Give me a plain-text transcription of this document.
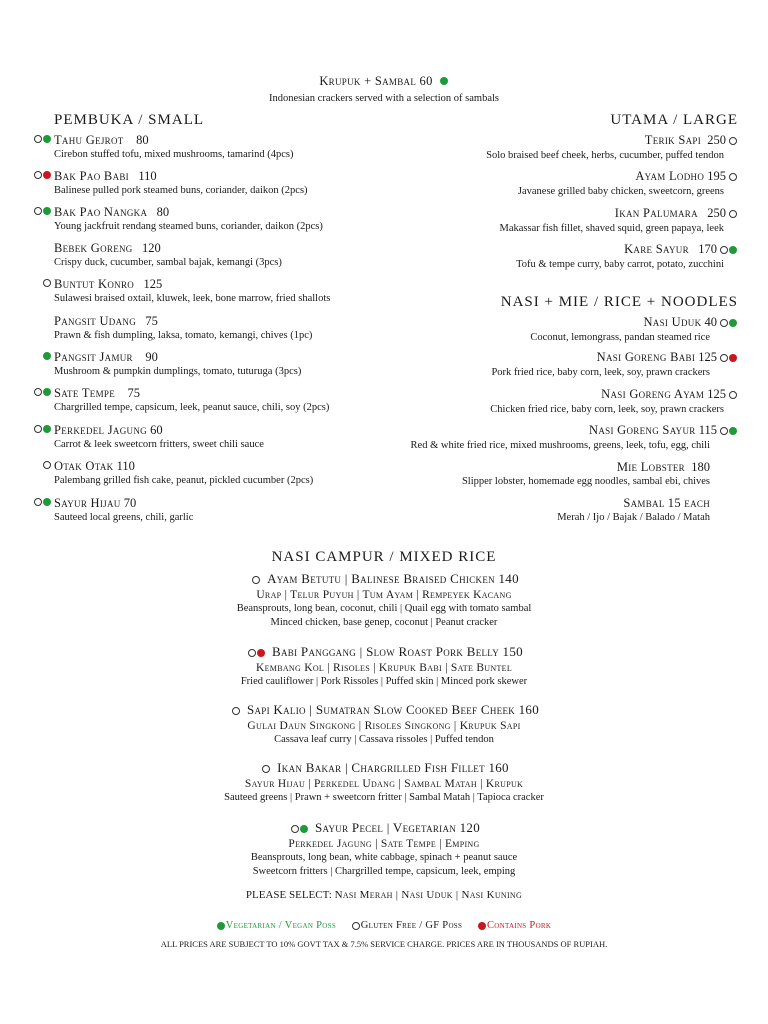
Krupuk + Sambal 60
Indonesian crackers served with a selection of sambals
PEMBUKA / SMALL
Tahu Gejrot 80
Cirebon stuffed tofu, mixed mushrooms, tamarind (4pcs)
Bak Pao Babi 110
Balinese pulled pork steamed buns, coriander, daikon (2pcs)
Bak Pao Nangka 80
Young jackfruit rendang steamed buns, coriander, daikon (2pcs)
Bebek Goreng 120
Crispy duck, cucumber, sambal bajak, kemangi (3pcs)
Buntut Konro 125
Sulawesi braised oxtail, kluwek, leek, bone marrow, fried shallots
Pangsit Udang 75
Prawn & fish dumpling, laksa, tomato, kemangi, chives (1pc)
Pangsit Jamur 90
Mushroom & pumpkin dumplings, tomato, tuturuga (3pcs)
Sate Tempe 75
Chargrilled tempe, capsicum, leek, peanut sauce, chili, soy (2pcs)
Perkedel Jagung 60
Carrot & leek sweetcorn fritters, sweet chili sauce
Otak Otak 110
Palembang grilled fish cake, peanut, pickled cucumber (2pcs)
Sayur Hijau 70
Sauteed local greens, chili, garlic
UTAMA / LARGE
Terik Sapi 250
Solo braised beef cheek, herbs, cucumber, puffed tendon
Ayam Lodho 195
Javanese grilled baby chicken, sweetcorn, greens
Ikan Palumara 250
Makassar fish fillet, shaved squid, green papaya, leek
Kare Sayur 170
Tofu & tempe curry, baby carrot, potato, zucchini
NASI + MIE / RICE + NOODLES
Nasi Uduk 40
Coconut, lemongrass, pandan steamed rice
Nasi Goreng Babi 125
Pork fried rice, baby corn, leek, soy, prawn crackers
Nasi Goreng Ayam 125
Chicken fried rice, baby corn, leek, soy, prawn crackers
Nasi Goreng Sayur 115
Red & white fried rice, mixed mushrooms, greens, leek, tofu, egg, chili
Mie Lobster 180
Slipper lobster, homemade egg noodles, sambal ebi, chives
Sambal 15 each
Merah / Ijo / Bajak / Balado / Matah
NASI CAMPUR / MIXED RICE
Ayam Betutu | Balinese Braised Chicken 140
Urap | Telur Puyuh | Tum Ayam | Rempeyek Kacang
Beansprouts, long bean, coconut, chili | Quail egg with tomato sambal
Minced chicken, base genep, coconut | Peanut cracker
Babi Panggang | Slow Roast Pork Belly 150
Kembang Kol | Risoles | Krupuk Babi | Sate Buntel
Fried cauliflower | Pork Rissoles | Puffed skin | Minced pork skewer
Sapi Kalio | Sumatran Slow Cooked Beef Cheek 160
Gulai Daun Singkong | Risoles Singkong | Krupuk Sapi
Cassava leaf curry | Cassava rissoles | Puffed tendon
Ikan Bakar | Chargrilled Fish Fillet 160
Sayur Hijau | Perkedel Udang | Sambal Matah | Krupuk
Sauteed greens | Prawn + sweetcorn fritter | Sambal Matah | Tapioca cracker
Sayur Pecel | Vegetarian 120
Perkedel Jagung | Sate Tempe | Emping
Beansprouts, long bean, white cabbage, spinach + peanut sauce
Sweetcorn fritters | Chargrilled tempe, capsicum, leek, emping
PLEASE SELECT: Nasi Merah | Nasi Uduk | Nasi Kuning
Vegetarian / Vegan Poss Gluten Free / GF Poss Contains Pork
ALL PRICES ARE SUBJECT TO 10% GOVT TAX & 7.5% SERVICE CHARGE. PRICES ARE IN THOUSANDS OF RUPIAH.
